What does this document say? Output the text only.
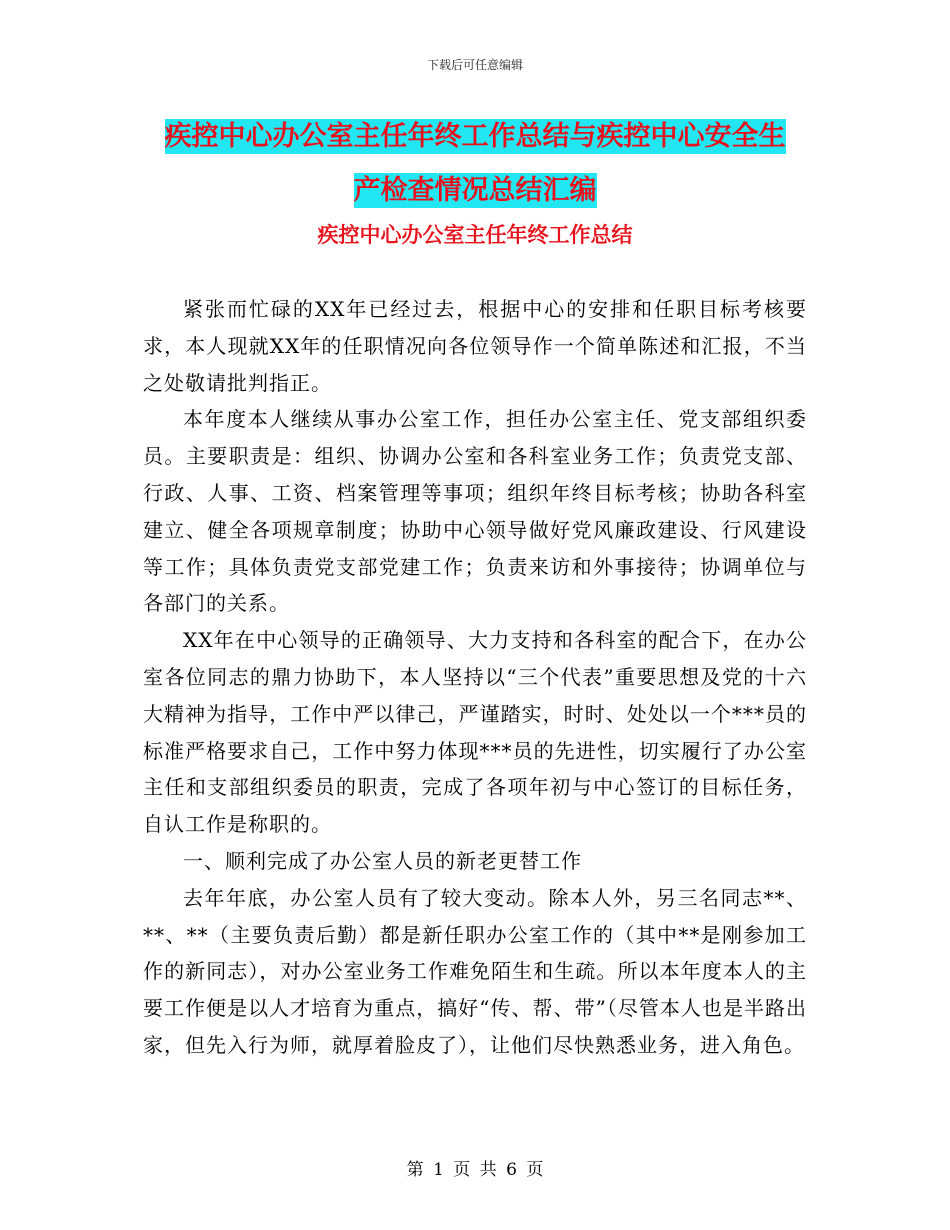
下载后可任意编辑
疾控中心办公室主任年终工作总结与疾控中心安全生
产检查情况总结汇编
疾控中心办公室主任年终工作总结

紧张而忙碌的XX年已经过去，根据中心的安排和任职目标考核要求，本人现就XX年的任职情况向各位领导作一个简单陈述和汇报，不当之处敬请批判指正。

本年度本人继续从事办公室工作，担任办公室主任、党支部组织委员。主要职责是：组织、协调办公室和各科室业务工作；负责党支部、行政、人事、工资、档案管理等事项；组织年终目标考核；协助各科室建立、健全各项规章制度；协助中心领导做好党风廉政建设、行风建设等工作；具体负责党支部党建工作；负责来访和外事接待；协调单位与各部门的关系。

XX年在中心领导的正确领导、大力支持和各科室的配合下，在办公室各位同志的鼎力协助下，本人坚持以“三个代表”重要思想及党的十六大精神为指导，工作中严以律己，严谨踏实，时时、处处以一个***员的标准严格要求自己，工作中努力体现***员的先进性，切实履行了办公室主任和支部组织委员的职责，完成了各项年初与中心签订的目标任务，自认工作是称职的。

一、顺利完成了办公室人员的新老更替工作

去年年底，办公室人员有了较大变动。除本人外，另三名同志**、**、**（主要负责后勤）都是新任职办公室工作的（其中**是刚参加工作的新同志），对办公室业务工作难免陌生和生疏。所以本年度本人的主要工作便是以人才培育为重点，搞好“传、帮、带”（尽管本人也是半路出家，但先入行为师，就厚着脸皮了），让他们尽快熟悉业务，进入角色。

第 1 页 共 6 页
